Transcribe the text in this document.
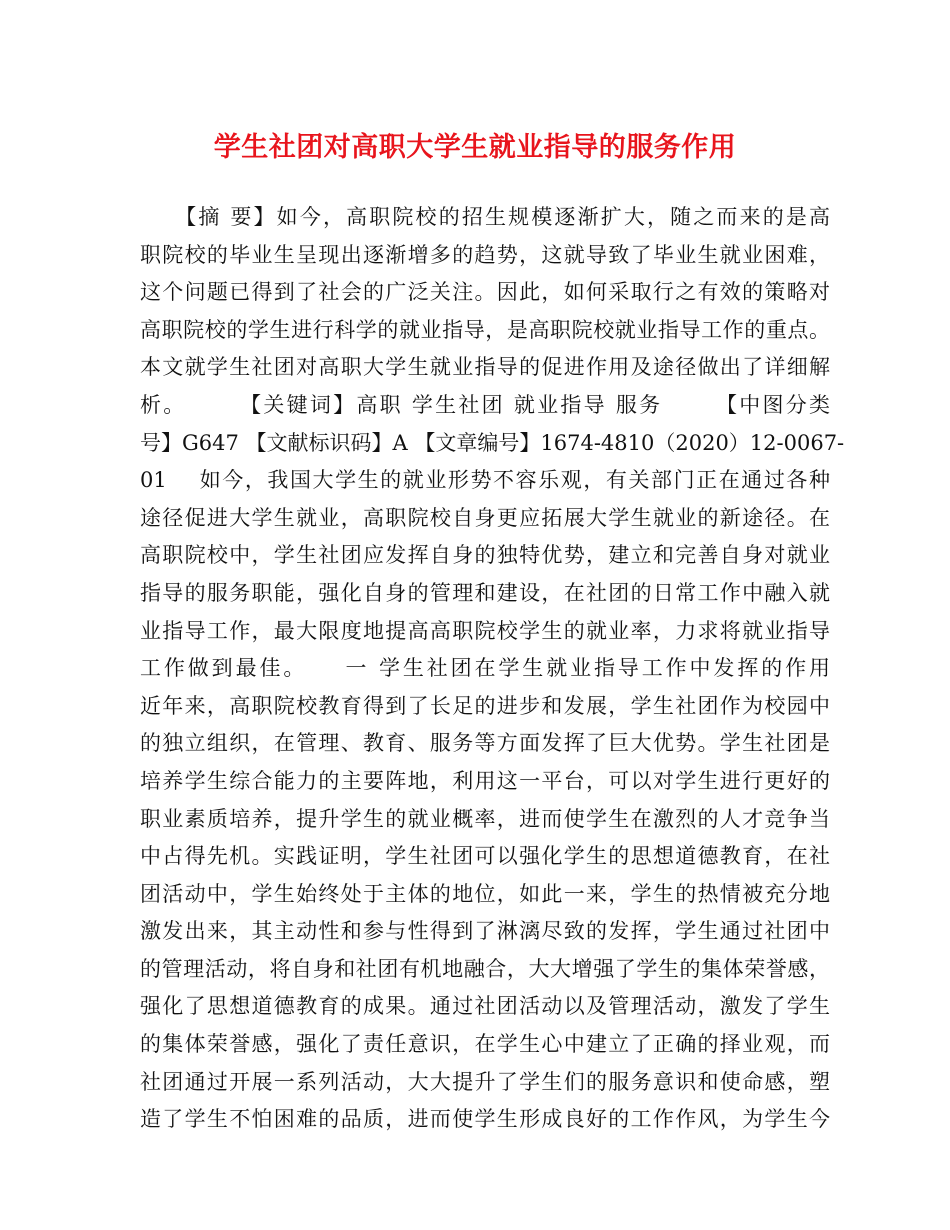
学生社团对高职大学生就业指导的服务作用
【摘 要】如今，高职院校的招生规模逐渐扩大，随之而来的是高
职院校的毕业生呈现出逐渐增多的趋势，这就导致了毕业生就业困难，
这个问题已得到了社会的广泛关注。因此，如何采取行之有效的策略对
高职院校的学生进行科学的就业指导，是高职院校就业指导工作的重点。
本文就学生社团对高职大学生就业指导的促进作用及途径做出了详细解
析。      【关键词】高职 学生社团 就业指导 服务      【中图分类
号】G647 【文献标识码】A 【文章编号】1674-4810（2020）12-0067-
01    如今，我国大学生的就业形势不容乐观，有关部门正在通过各种
途径促进大学生就业，高职院校自身更应拓展大学生就业的新途径。在
高职院校中，学生社团应发挥自身的独特优势，建立和完善自身对就业
指导的服务职能，强化自身的管理和建设，在社团的日常工作中融入就
业指导工作，最大限度地提高高职院校学生的就业率，力求将就业指导
工作做到最佳。    一 学生社团在学生就业指导工作中发挥的作用
近年来，高职院校教育得到了长足的进步和发展，学生社团作为校园中
的独立组织，在管理、教育、服务等方面发挥了巨大优势。学生社团是
培养学生综合能力的主要阵地，利用这一平台，可以对学生进行更好的
职业素质培养，提升学生的就业概率，进而使学生在激烈的人才竞争当
中占得先机。实践证明，学生社团可以强化学生的思想道德教育，在社
团活动中，学生始终处于主体的地位，如此一来，学生的热情被充分地
激发出来，其主动性和参与性得到了淋漓尽致的发挥，学生通过社团中
的管理活动，将自身和社团有机地融合，大大增强了学生的集体荣誉感，
强化了思想道德教育的成果。通过社团活动以及管理活动，激发了学生
的集体荣誉感，强化了责任意识，在学生心中建立了正确的择业观，而
社团通过开展一系列活动，大大提升了学生们的服务意识和使命感，塑
造了学生不怕困难的品质，进而使学生形成良好的工作作风，为学生今
